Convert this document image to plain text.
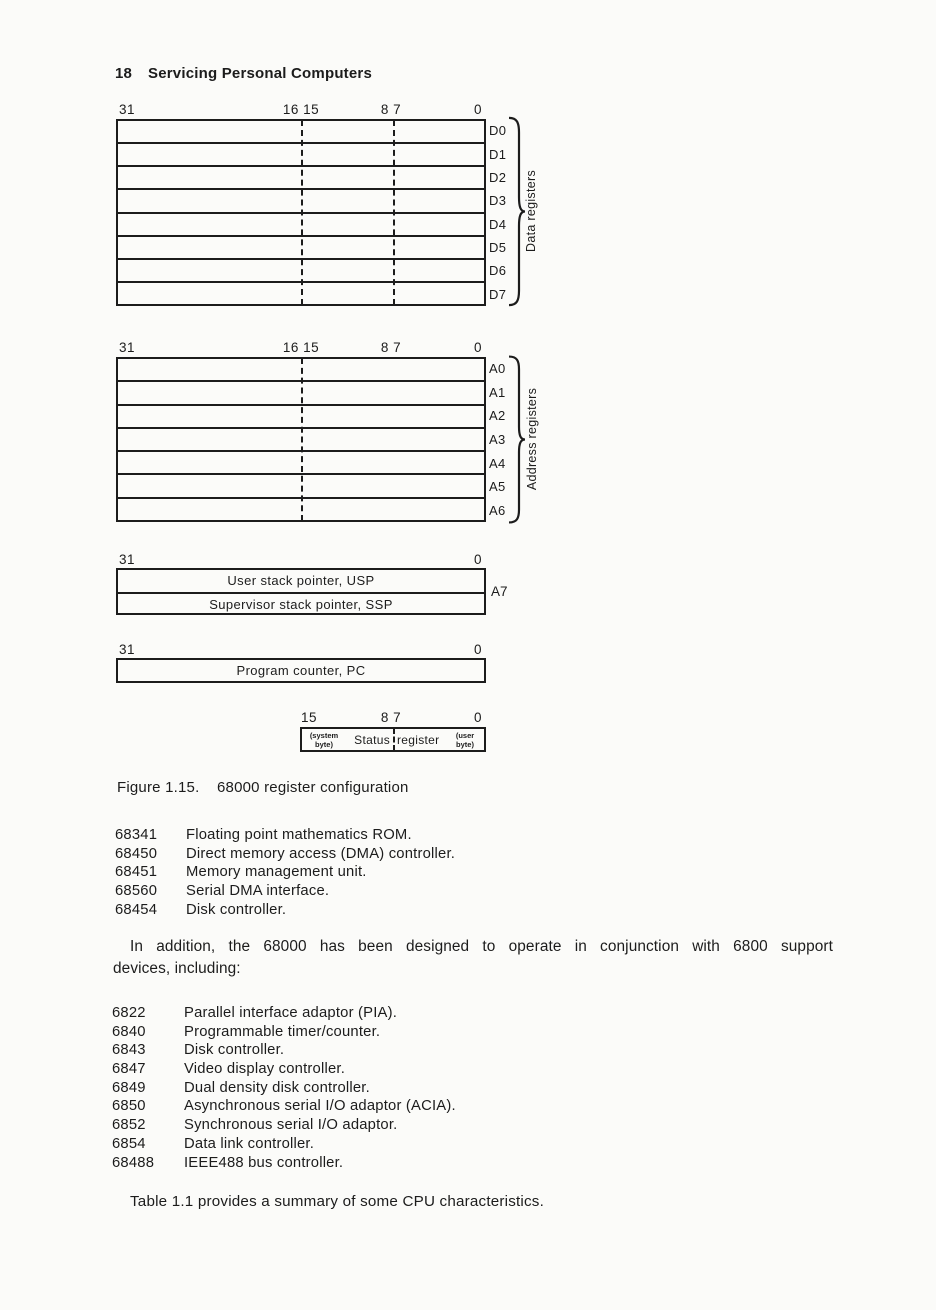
18 Servicing Personal Computers
31	16 15	8 7	0
D0
D1
D2
D3
D4
D5
D6
D7
Data registers
31	16 15	8 7	0
A0
A1
A2
A3
A4
A5
A6
Address registers
31	0
User stack pointer, USP
Supervisor stack pointer, SSP
A7
31	0
Program counter, PC
15	8 7	0
(system byte)	Status register	(user byte)
Figure 1.15. 68000 register configuration
68341 Floating point mathematics ROM.
68450 Direct memory access (DMA) controller.
68451 Memory management unit.
68560 Serial DMA interface.
68454 Disk controller.
In addition, the 68000 has been designed to operate in conjunction with 6800 support
devices, including:
6822	Parallel interface adaptor (PIA).
6840	Programmable timer/counter.
6843	Disk controller.
6847	Video display controller.
6849	Dual density disk controller.
6850	Asynchronous serial I/O adaptor (ACIA).
6852	Synchronous serial I/O adaptor.
6854	Data link controller.
68488 IEEE488 bus controller.
Table 1.1 provides a summary of some CPU characteristics.
